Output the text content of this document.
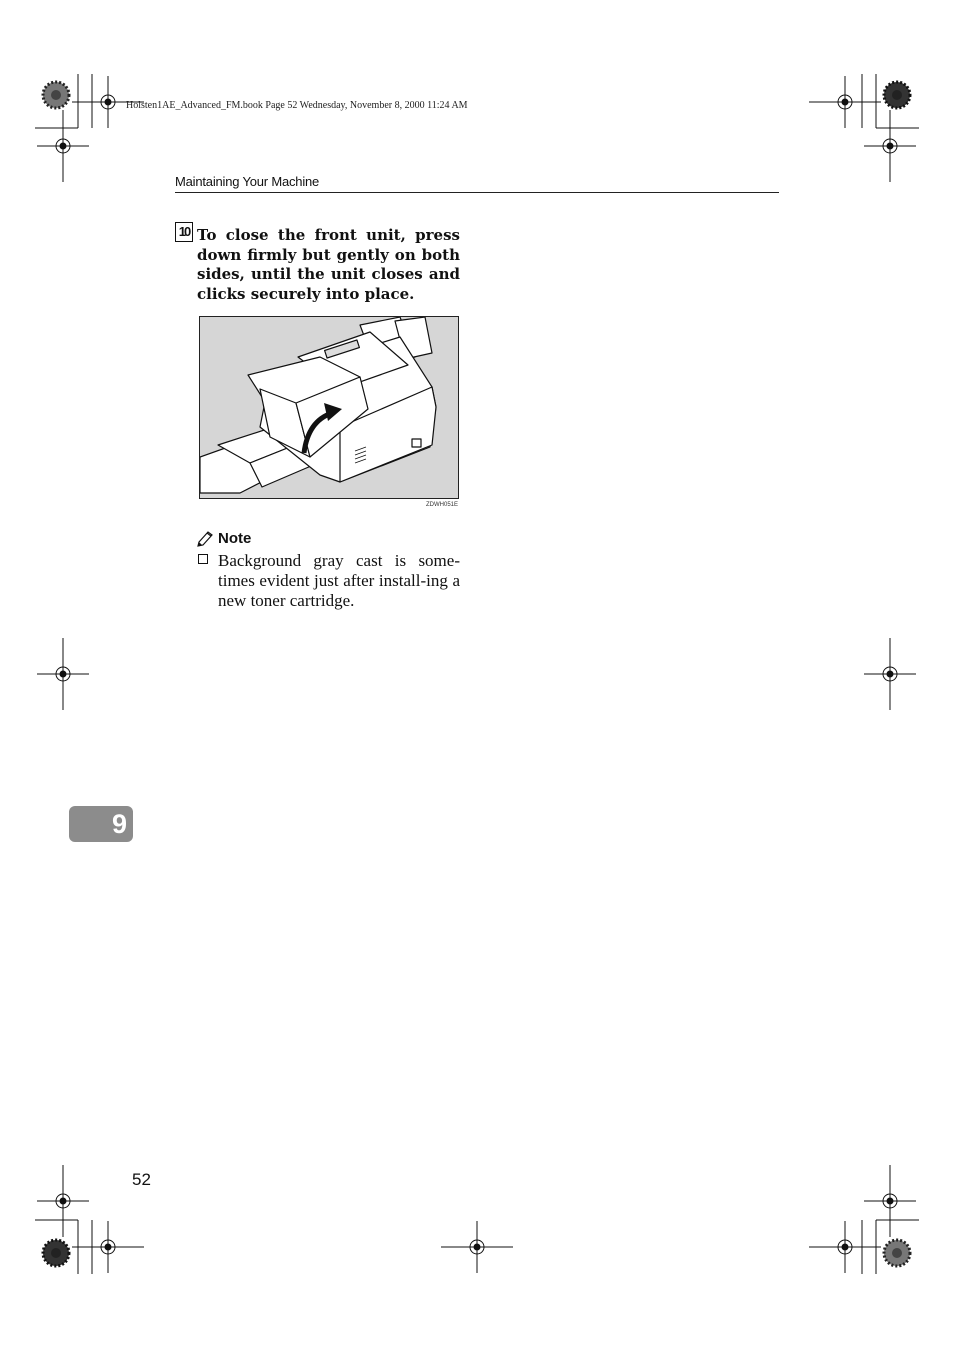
Holsten1AE_Advanced_FM.book Page 52 Wednesday, November 8, 2000 11:24 AM
Maintaining Your Machine
10 To close the front unit, press down firmly but gently on both sides, until the unit closes and clicks securely into place.
ZDWH051E
Note
Background gray cast is some-times evident just after install-ing a new toner cartridge.
9
52
